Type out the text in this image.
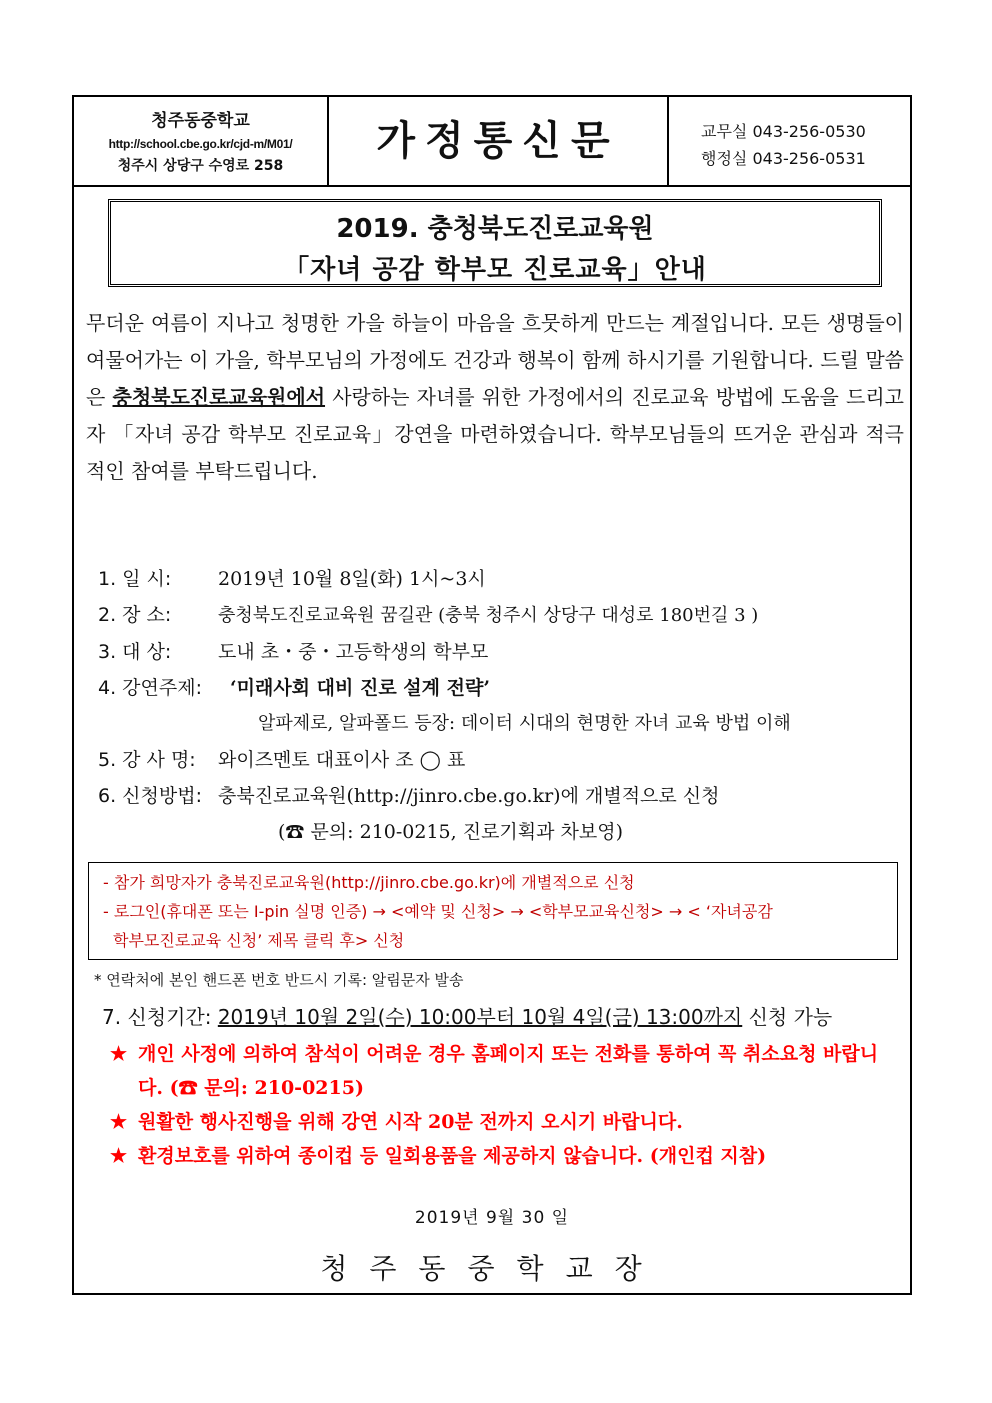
청주동중학교
http://school.cbe.go.kr/cjd-m/M01/
청주시 상당구 수영로 258
가정통신문	교무실 043-256-0530
행정실 043-256-0531
2019. 충청북도진로교육원
「자녀 공감 학부모 진로교육」안내
무더운 여름이 지나고 청명한 가을 하늘이 마음을 흐뭇하게 만드는 계절입니다. 모든 생명들이 여물어가는 이 가을, 학부모님의 가정에도 건강과 행복이 함께 하시기를 기원합니다. 드릴 말씀은 충청북도진로교육원에서 사랑하는 자녀를 위한 가정에서의 진로교육 방법에 도움을 드리고자 「자녀 공감 학부모 진로교육」강연을 마련하였습니다. 학부모님들의 뜨거운 관심과 적극적인 참여를 부탁드립니다.
1. 일 시: 2019년 10월 8일(화) 1시~3시
2. 장 소:	충청북도진로교육원 꿈길관 (충북 청주시 상당구 대성로 180번길 3 )
3. 대 상: 도내 초・중・고등학생의 학부모
4. 강연주제: ‘미래사회 대비 진로 설계 전략’
알파제로, 알파폴드 등장: 데이터 시대의 현명한 자녀 교육 방법 이해
5. 강 사 명: 와이즈멘토 대표이사 조 ◯ 표
6. 신청방법: 충북진로교육원(http://jinro.cbe.go.kr)에 개별적으로 신청
(☎ 문의: 210-0215, 진로기획과 차보영)
- 참가 희망자가 충북진로교육원(http://jinro.cbe.go.kr)에 개별적으로 신청
- 로그인(휴대폰 또는 I-pin 실명 인증) → <예약 및 신청> → <학부모교육신청> → < ‘자녀공감
학부모진로교육 신청’ 제목 클릭 후> 신청
* 연락처에 본인 핸드폰 번호 반드시 기록: 알림문자 발송
7. 신청기간: 2019년 10월 2일(수) 10:00부터 10월 4일(금) 13:00까지 신청 가능
★ 개인 사정에 의하여 참석이 어려운 경우 홈페이지 또는 전화를 통하여 꼭 취소요청 바랍니다. (☎ 문의: 210-0215)
★ 원활한 행사진행을 위해 강연 시작 20분 전까지 오시기 바랍니다.
★ 환경보호를 위하여 종이컵 등 일회용품을 제공하지 않습니다. (개인컵 지참)
2019년 9월 30 일
청주동중학교장
